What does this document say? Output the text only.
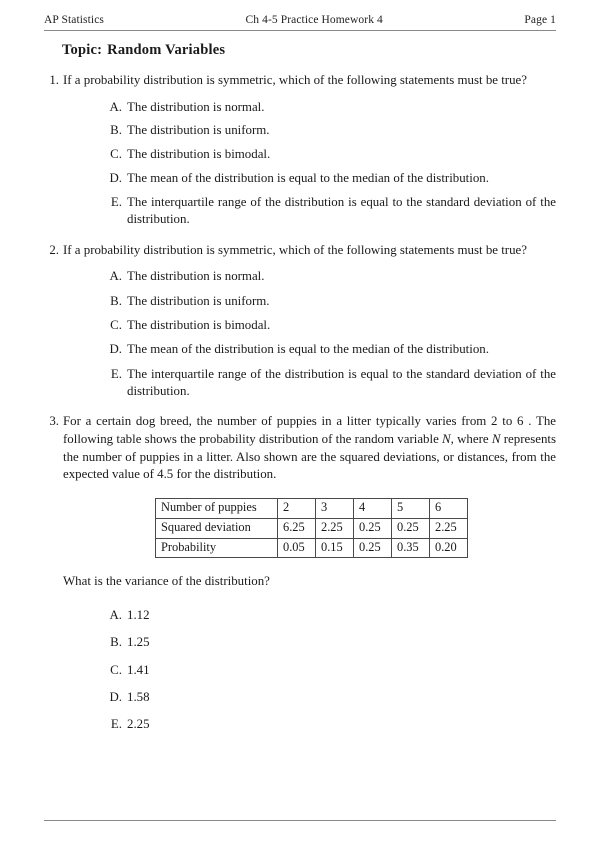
AP Statistics	Ch 4-5 Practice Homework 4	Page 1
Topic: Random Variables
1. If a probability distribution is symmetric, which of the following statements must be true?
A. The distribution is normal.
B. The distribution is uniform.
C. The distribution is bimodal.
D. The mean of the distribution is equal to the median of the distribution.
E. The interquartile range of the distribution is equal to the standard deviation of the distribution.
2. If a probability distribution is symmetric, which of the following statements must be true?
A. The distribution is normal.
B. The distribution is uniform.
C. The distribution is bimodal.
D. The mean of the distribution is equal to the median of the distribution.
E. The interquartile range of the distribution is equal to the standard deviation of the distribution.
3. For a certain dog breed, the number of puppies in a litter typically varies from 2 to 6 . The following table shows the probability distribution of the random variable N, where N represents the number of puppies in a litter. Also shown are the squared deviations, or distances, from the expected value of 4.5 for the distribution.
Number of puppies	2	3	4	5	6
Squared deviation	6.25	2.25	0.25	0.25	2.25
Probability	0.05	0.15	0.25	0.35	0.20
What is the variance of the distribution?
A. 1.12
B. 1.25
C. 1.41
D. 1.58
E. 2.25
